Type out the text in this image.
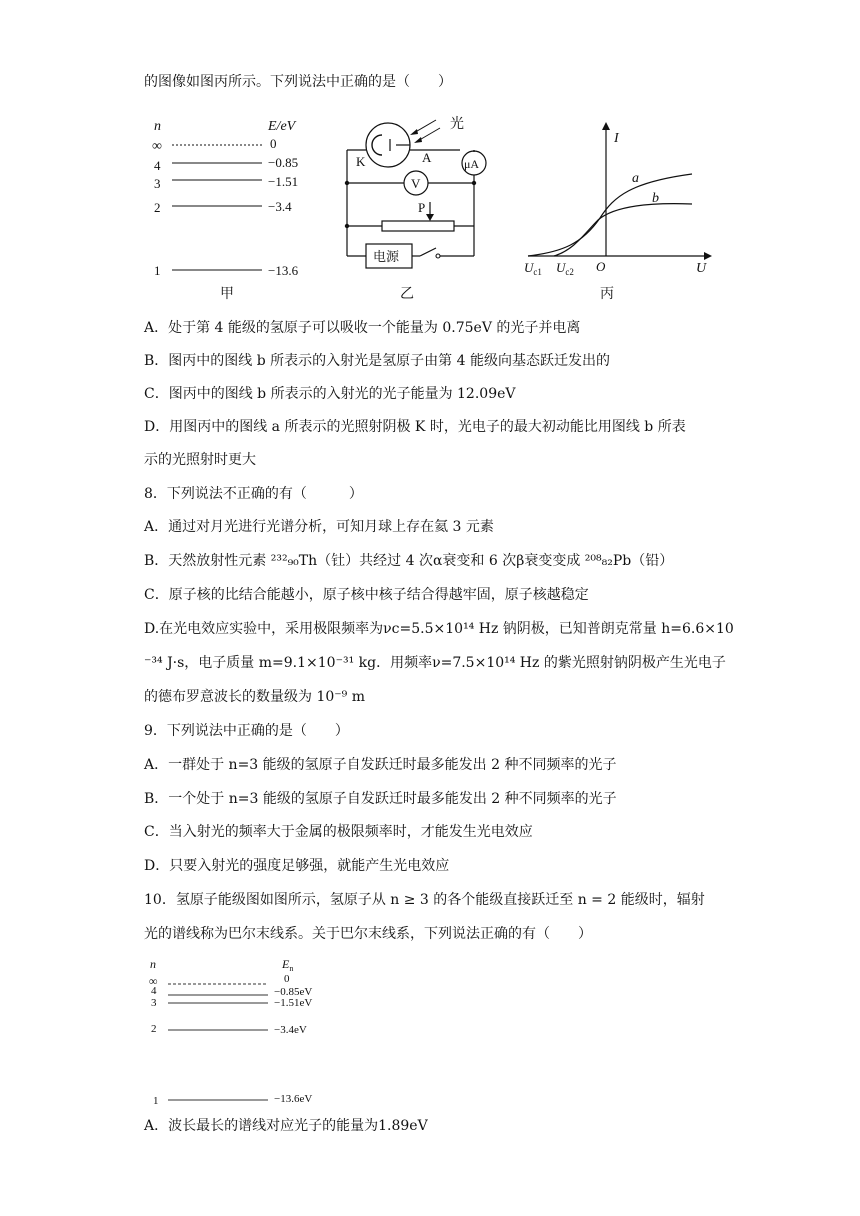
的图像如图丙所示。下列说法中正确的是（　　）
n	E/eV
∞
4
3
2
1
0
−0.85
−1.51
−3.4
−13.6
甲
光
K	A	μA
V
P
电源
乙
I
U
O
a
b
$U_{c1}$ $U_{c2}$
丙
A．处于第 4 能级的氢原子可以吸收一个能量为 0.75eV 的光子并电离
B．图丙中的图线 b 所表示的入射光是氢原子由第 4 能级向基态跃迁发出的
C．图丙中的图线 b 所表示的入射光的光子能量为 12.09eV
D．用图丙中的图线 a 所表示的光照射阴极 K 时，光电子的最大初动能比用图线 b 所表
示的光照射时更大
8．下列说法不正确的有（　　　）
A．通过对月光进行光谱分析，可知月球上存在氦 3 元素
B．天然放射性元素 ²³²₉₀Th（钍）共经过 4 次α衰变和 6 次β衰变变成 ²⁰⁸₈₂Pb（铅）
C．原子核的比结合能越小，原子核中核子结合得越牢固，原子核越稳定
D.在光电效应实验中，采用极限频率为νc=5.5×10¹⁴ Hz 钠阴极，已知普朗克常量 h=6.6×10
⁻³⁴ J·s，电子质量 m=9.1×10⁻³¹ kg．用频率ν=7.5×10¹⁴ Hz 的紫光照射钠阴极产生光电子
的德布罗意波长的数量级为 10⁻⁹ m
9．下列说法中正确的是（　　）
A．一群处于 n=3 能级的氢原子自发跃迁时最多能发出 2 种不同频率的光子
B．一个处于 n=3 能级的氢原子自发跃迁时最多能发出 2 种不同频率的光子
C．当入射光的频率大于金属的极限频率时，才能发生光电效应
D．只要入射光的强度足够强，就能产生光电效应
10．氢原子能级图如图所示，氢原子从 n ≥ 3 的各个能级直接跃迁至 n = 2 能级时，辐射
光的谱线称为巴尔末线系。关于巴尔末线系，下列说法正确的有（　　）
n	$E_n$
∞
4
3
2
1
0
−0.85eV
−1.51eV
−3.4eV
−13.6eV
A．波长最长的谱线对应光子的能量为1.89eV
